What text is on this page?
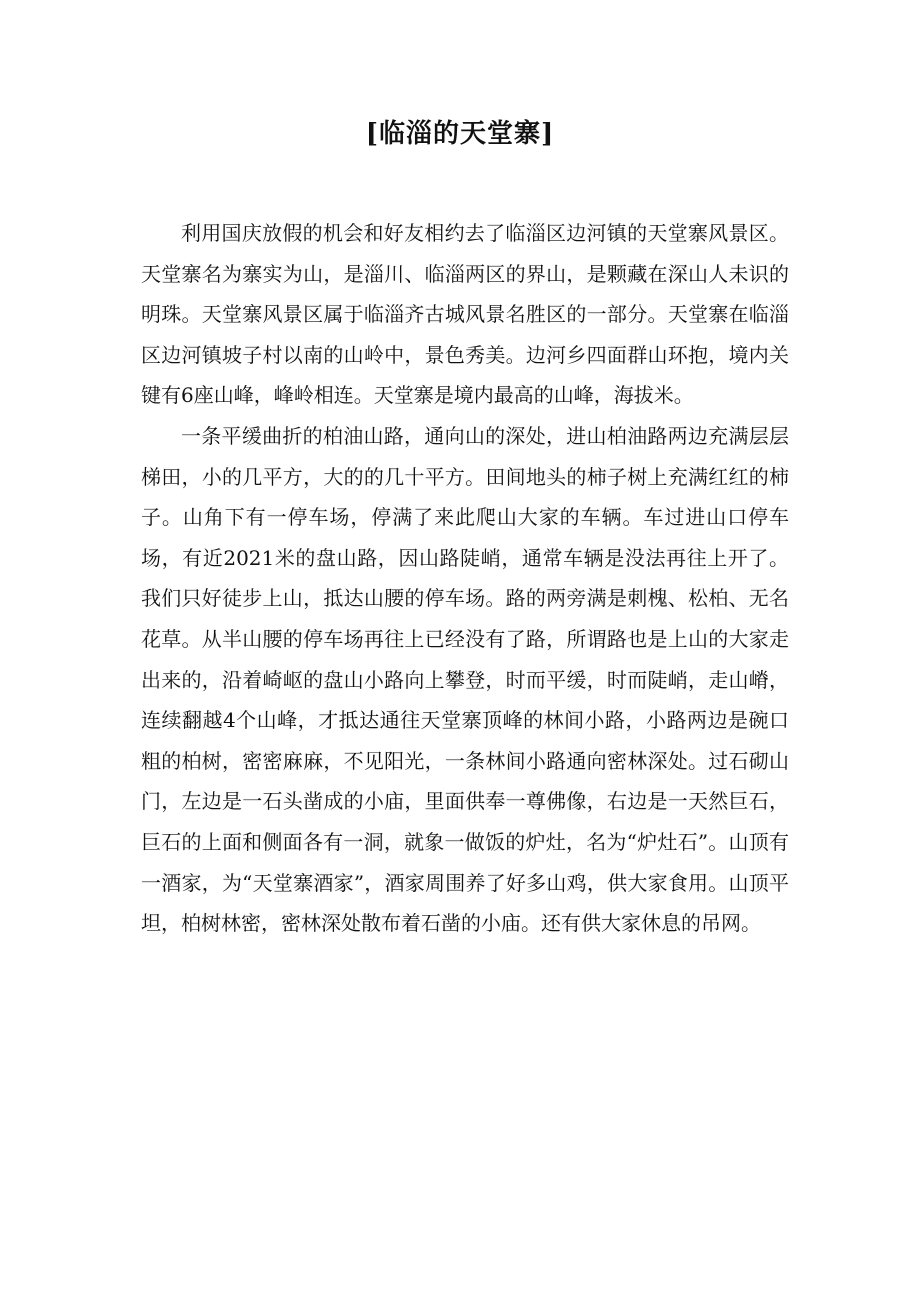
[临淄的天堂寨]

利用国庆放假的机会和好友相约去了临淄区边河镇的天堂寨风景区。天堂寨名为寨实为山，是淄川、临淄两区的界山，是颗藏在深山人未识的明珠。天堂寨风景区属于临淄齐古城风景名胜区的一部分。天堂寨在临淄区边河镇坡子村以南的山岭中，景色秀美。边河乡四面群山环抱，境内关键有6座山峰，峰岭相连。天堂寨是境内最高的山峰，海拔米。

一条平缓曲折的柏油山路，通向山的深处，进山柏油路两边充满层层梯田，小的几平方，大的的几十平方。田间地头的柿子树上充满红红的柿子。山角下有一停车场，停满了来此爬山大家的车辆。车过进山口停车场，有近2021米的盘山路，因山路陡峭，通常车辆是没法再往上开了。我们只好徒步上山，抵达山腰的停车场。路的两旁满是刺槐、松柏、无名花草。从半山腰的停车场再往上已经没有了路，所谓路也是上山的大家走出来的，沿着崎岖的盘山小路向上攀登，时而平缓，时而陡峭，走山嵴，连续翻越4个山峰，才抵达通往天堂寨顶峰的林间小路，小路两边是碗口粗的柏树，密密麻麻，不见阳光，一条林间小路通向密林深处。过石砌山门，左边是一石头凿成的小庙，里面供奉一尊佛像，右边是一天然巨石，巨石的上面和侧面各有一洞，就象一做饭的炉灶，名为“炉灶石”。山顶有一酒家，为“天堂寨酒家”，酒家周围养了好多山鸡，供大家食用。山顶平坦，柏树林密，密林深处散布着石凿的小庙。还有供大家休息的吊网。
